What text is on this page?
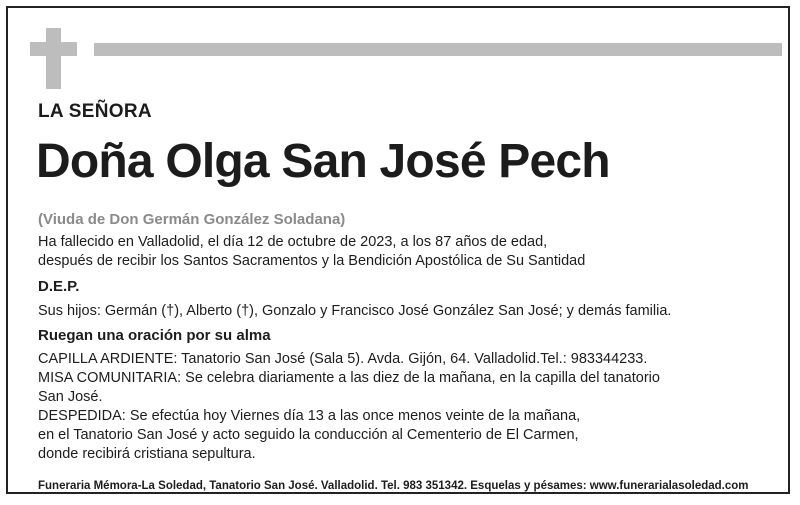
LA SEÑORA
Doña Olga San José Pech
(Viuda de Don Germán González Soladana)
Ha fallecido en Valladolid, el día 12 de octubre de 2023, a los 87 años de edad,
después de recibir los Santos Sacramentos y la Bendición Apostólica de Su Santidad
D.E.P.
Sus hijos: Germán (†), Alberto (†), Gonzalo y Francisco José González San José; y demás familia.
Ruegan una oración por su alma
CAPILLA ARDIENTE: Tanatorio San José (Sala 5). Avda. Gijón, 64. Valladolid.Tel.: 983344233.
MISA COMUNITARIA: Se celebra diariamente a las diez de la mañana, en la capilla del tanatorio
San José.
DESPEDIDA: Se efectúa hoy Viernes día 13 a las once menos veinte de la mañana,
en el Tanatorio San José y acto seguido la conducción al Cementerio de El Carmen,
donde recibirá cristiana sepultura.
Funeraria Mémora-La Soledad, Tanatorio San José. Valladolid. Tel. 983 351342. Esquelas y pésames: www.funerarialasoledad.com
